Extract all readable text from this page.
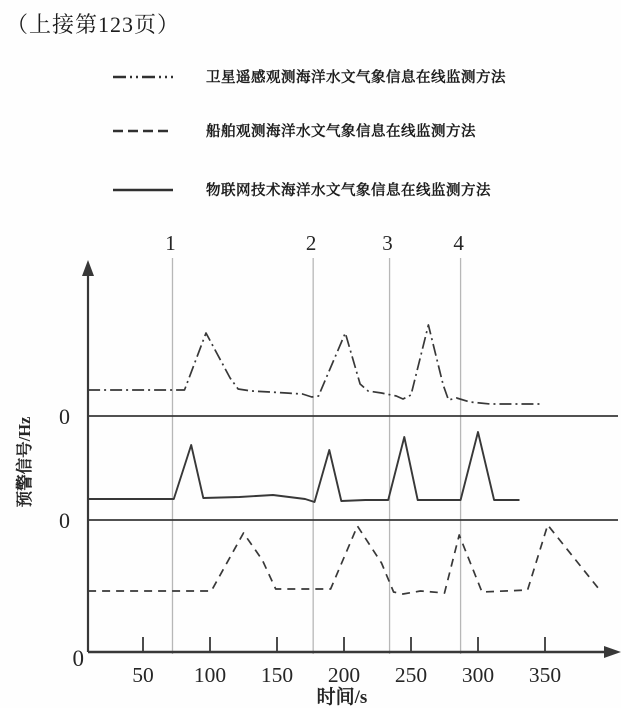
（上接第123页）
卫星遥感观测海洋水文气象信息在线监测方法
船舶观测海洋水文气象信息在线监测方法
物联网技术海洋水文气象信息在线监测方法
1	2	3	4
0
0
0
50 100 150 200 250 300 350
时间/s
预警信号/Hz
